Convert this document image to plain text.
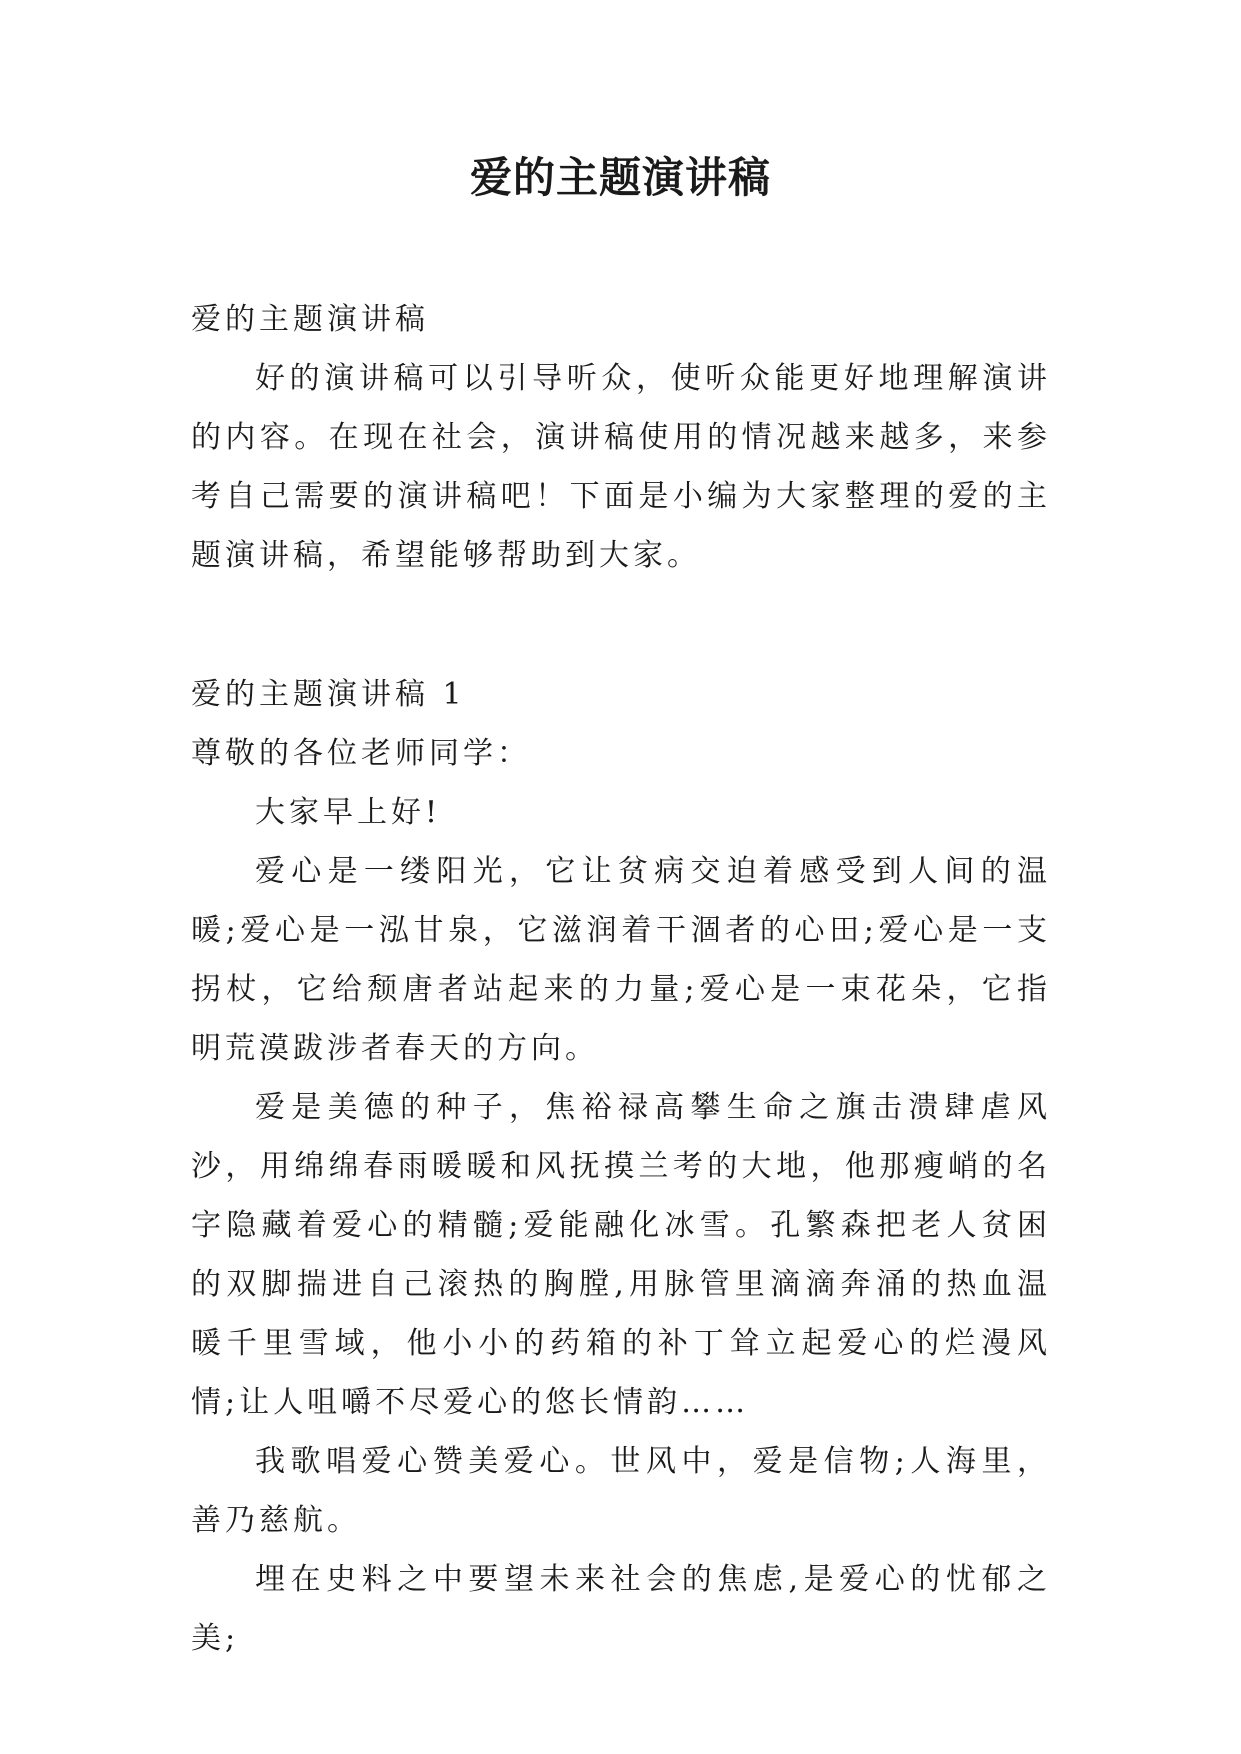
爱的主题演讲稿

爱的主题演讲稿

好的演讲稿可以引导听众，使听众能更好地理解演讲的内容。在现在社会，演讲稿使用的情况越来越多，来参考自己需要的演讲稿吧！下面是小编为大家整理的爱的主题演讲稿，希望能够帮助到大家。

爱的主题演讲稿 1

尊敬的各位老师同学：

大家早上好!

爱心是一缕阳光，它让贫病交迫着感受到人间的温暖;爱心是一泓甘泉，它滋润着干涸者的心田;爱心是一支拐杖，它给颓唐者站起来的力量;爱心是一束花朵，它指明荒漠跋涉者春天的方向。

爱是美德的种子，焦裕禄高攀生命之旗击溃肆虐风沙，用绵绵春雨暖暖和风抚摸兰考的大地，他那瘦峭的名字隐藏着爱心的精髓;爱能融化冰雪。孔繁森把老人贫困的双脚揣进自己滚热的胸膛,用脉管里滴滴奔涌的热血温暖千里雪域，他小小的药箱的补丁耸立起爱心的烂漫风情;让人咀嚼不尽爱心的悠长情韵……

我歌唱爱心赞美爱心。世风中，爱是信物;人海里，善乃慈航。

埋在史料之中要望未来社会的焦虑,是爱心的忧郁之美;
